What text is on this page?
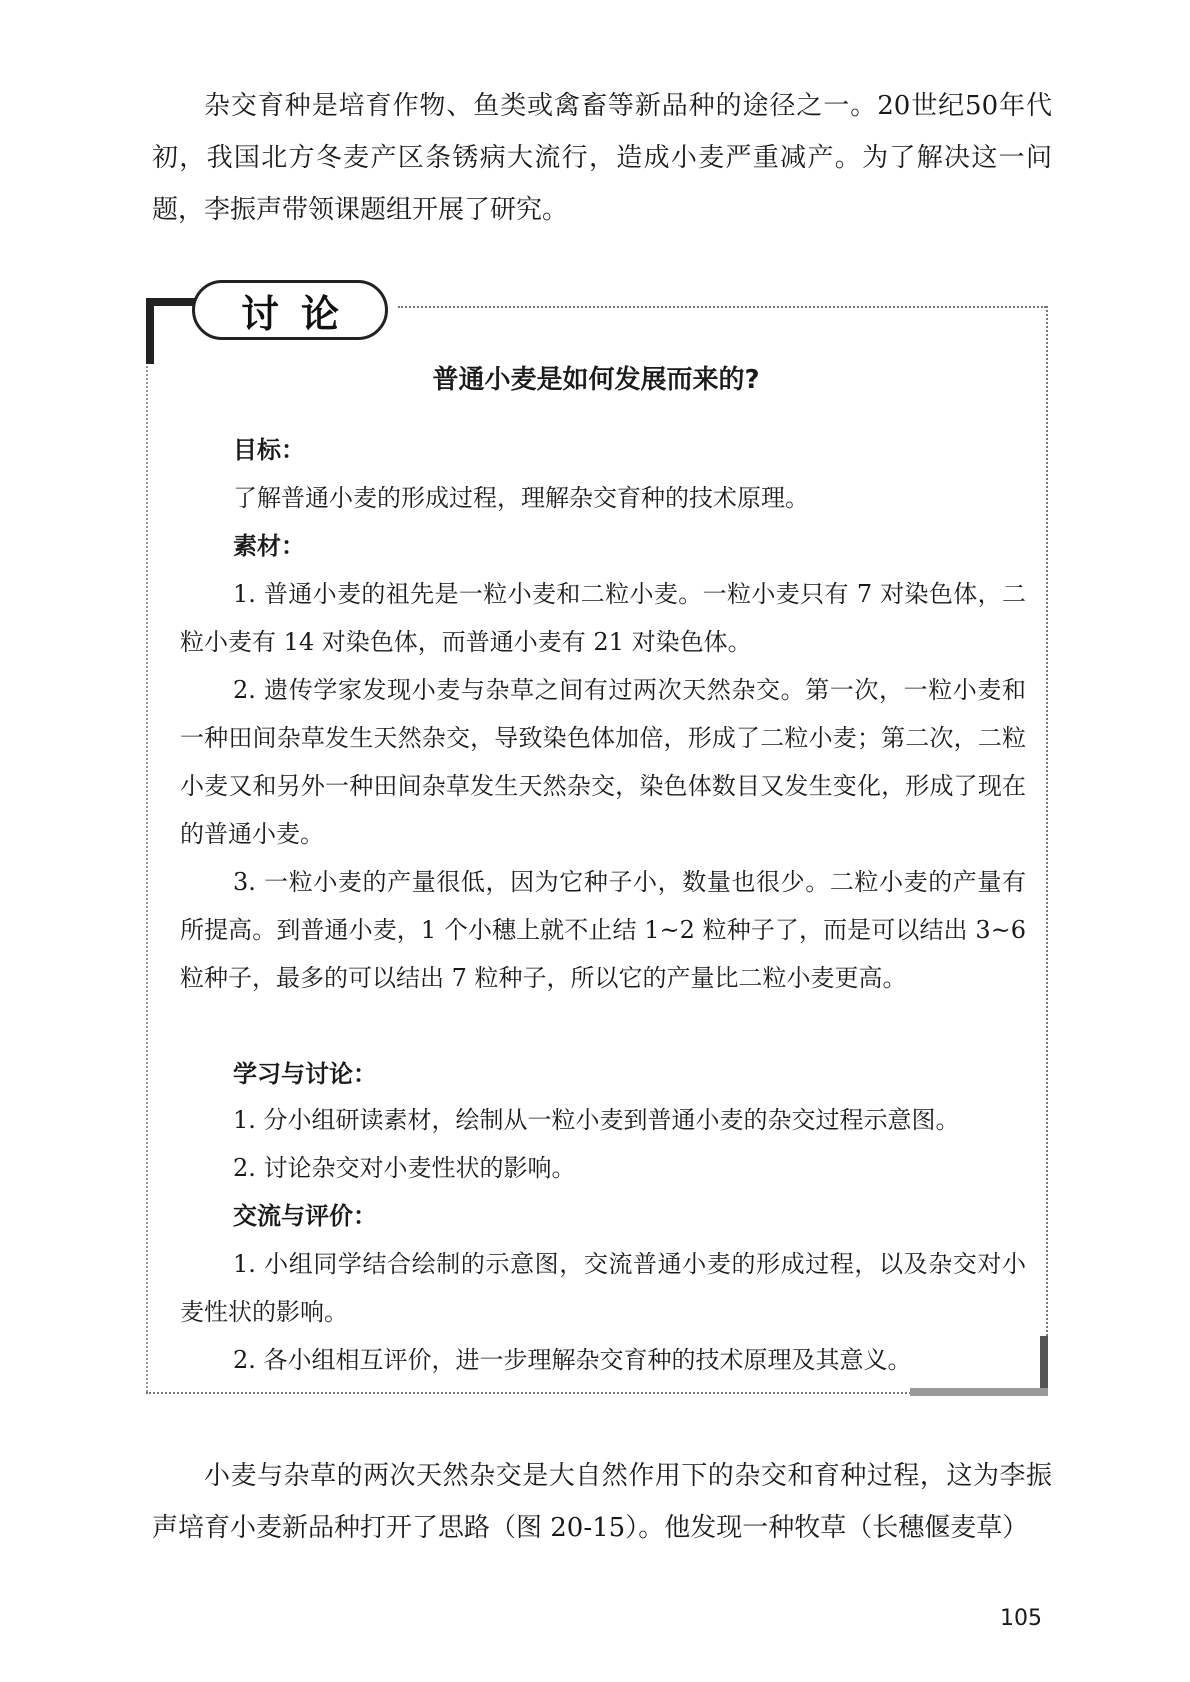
杂交育种是培育作物、鱼类或禽畜等新品种的途径之一。20世纪50年代初，我国北方冬麦产区条锈病大流行，造成小麦严重减产。为了解决这一问题，李振声带领课题组开展了研究。

讨论
普通小麦是如何发展而来的?
目标：

了解普通小麦的形成过程，理解杂交育种的技术原理。

素材：

1. 普通小麦的祖先是一粒小麦和二粒小麦。一粒小麦只有 7 对染色体，二粒小麦有 14 对染色体，而普通小麦有 21 对染色体。

2. 遗传学家发现小麦与杂草之间有过两次天然杂交。第一次，一粒小麦和一种田间杂草发生天然杂交，导致染色体加倍，形成了二粒小麦；第二次，二粒小麦又和另外一种田间杂草发生天然杂交，染色体数目又发生变化，形成了现在的普通小麦。

3. 一粒小麦的产量很低，因为它种子小，数量也很少。二粒小麦的产量有所提高。到普通小麦，1 个小穗上就不止结 1~2 粒种子了，而是可以结出 3~6 粒种子，最多的可以结出 7 粒种子，所以它的产量比二粒小麦更高。

学习与讨论：

1. 分小组研读素材，绘制从一粒小麦到普通小麦的杂交过程示意图。

2. 讨论杂交对小麦性状的影响。

交流与评价：

1. 小组同学结合绘制的示意图，交流普通小麦的形成过程，以及杂交对小麦性状的影响。

2. 各小组相互评价，进一步理解杂交育种的技术原理及其意义。

小麦与杂草的两次天然杂交是大自然作用下的杂交和育种过程，这为李振声培育小麦新品种打开了思路（图 20-15）。他发现一种牧草（长穗偃麦草）

105
